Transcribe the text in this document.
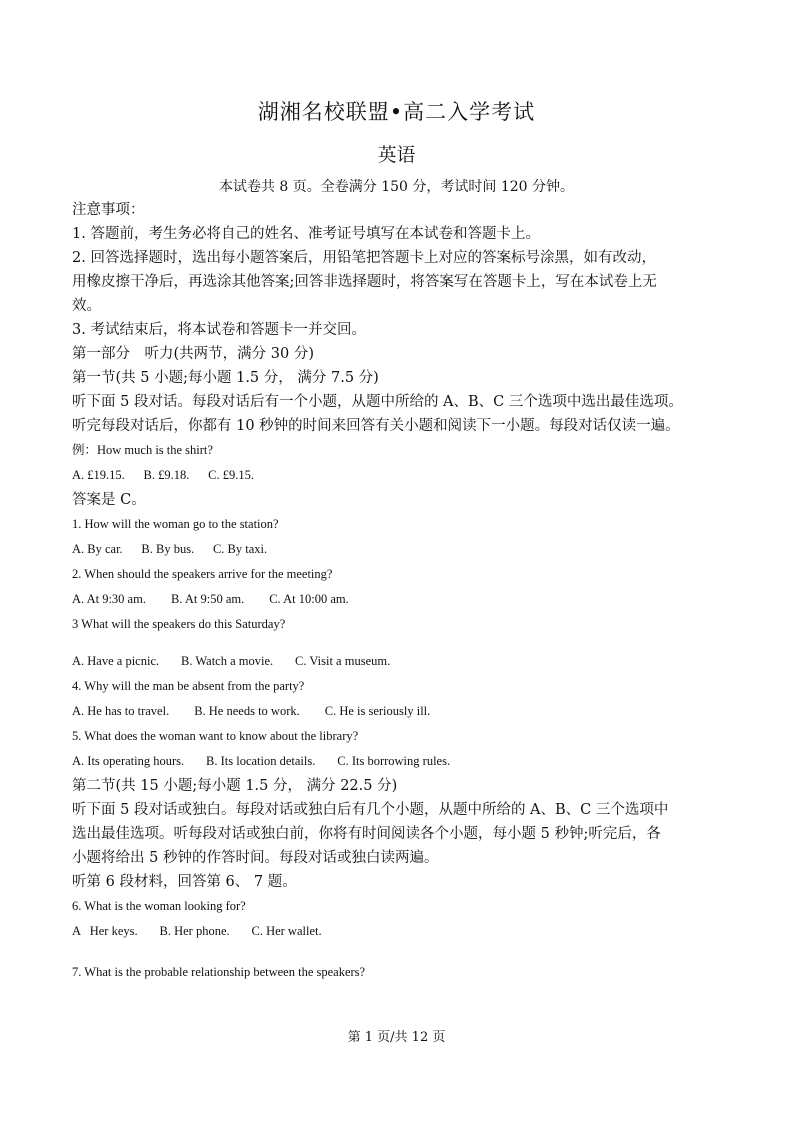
湖湘名校联盟•高二入学考试
英语
本试卷共 8 页。全卷满分 150 分，考试时间 120 分钟。

注意事项：

1. 答题前，考生务必将自己的姓名、准考证号填写在本试卷和答题卡上。

2. 回答选择题时，选出每小题答案后，用铅笔把答题卡上对应的答案标号涂黑，如有改动，

用橡皮擦干净后，再选涂其他答案;回答非选择题时，将答案写在答题卡上，写在本试卷上无

效。

3. 考试结束后，将本试卷和答题卡一并交回。

第一部分　听力(共两节，满分 30 分)

第一节(共 5 小题;每小题 1.5 分， 满分 7.5 分)

听下面 5 段对话。每段对话后有一个小题，从题中所给的 A、B、C 三个选项中选出最佳选项。

听完每段对话后，你都有 10 秒钟的时间来回答有关小题和阅读下一小题。每段对话仅读一遍。

例：How much is the shirt?

A. £19.15.      B. £9.18.      C. £9.15.

答案是 C。

1. How will the woman go to the station?

A. By car.      B. By bus.      C. By taxi.

2. When should the speakers arrive for the meeting?

A. At 9:30 am.        B. At 9:50 am.        C. At 10:00 am.

3 What will the speakers do this Saturday?

A. Have a picnic.       B. Watch a movie.       C. Visit a museum.

4. Why will the man be absent from the party?

A. He has to travel.        B. He needs to work.        C. He is seriously ill.

5. What does the woman want to know about the library?

A. Its operating hours.       B. Its location details.       C. Its borrowing rules.

第二节(共 15 小题;每小题 1.5 分， 满分 22.5 分)

听下面 5 段对话或独白。每段对话或独白后有几个小题，从题中所给的 A、B、C 三个选项中

选出最佳选项。听每段对话或独白前，你将有时间阅读各个小题，每小题 5 秒钟;听完后，各

小题将给出 5 秒钟的作答时间。每段对话或独白读两遍。

听第 6 段材料，回答第 6、 7 题。

6. What is the woman looking for?

A   Her keys.       B. Her phone.       C. Her wallet.

7. What is the probable relationship between the speakers?

第 1 页/共 12 页
